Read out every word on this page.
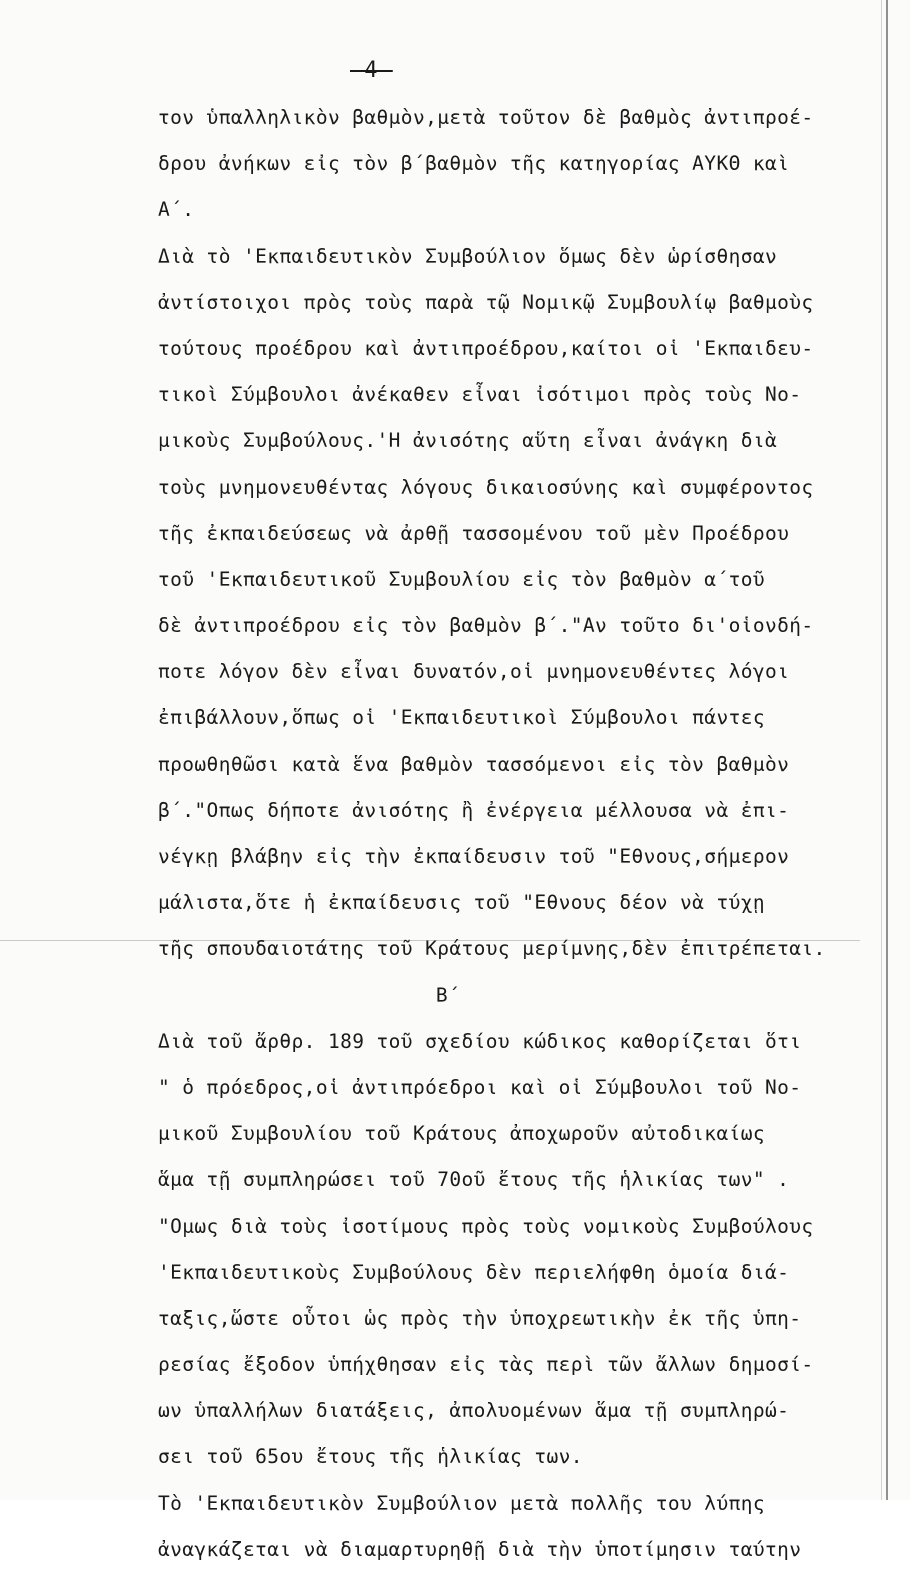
-4-
τον ὑπαλληλικὸν βαθμὸν,μετὰ τοῦτον δὲ βαθμὸς ἀντιπροέ-
δρου ἀνήκων εἰς τὸν β΄βαθμὸν τῆς κατηγορίας ΑΥΚΘ καὶ
Α΄.
Διὰ τὸ 'Εκπαιδευτικὸν Συμβούλιον ὅμως δὲν ὡρίσθησαν
ἀντίστοιχοι πρὸς τοὺς παρὰ τῷ Νομικῷ Συμβουλίῳ βαθμοὺς
τούτους προέδρου καὶ ἀντιπροέδρου,καίτοι οἱ 'Εκπαιδευ-
τικοὶ Σύμβουλοι ἀνέκαθεν εἶναι ἰσότιμοι πρὸς τοὺς Νο-
μικοὺς Συμβούλους.'Η ἀνισότης αὕτη εἶναι ἀνάγκη διὰ
τοὺς μνημονευθέντας λόγους δικαιοσύνης καὶ συμφέροντος
τῆς ἐκπαιδεύσεως νὰ ἀρθῇ τασσομένου τοῦ μὲν Προέδρου
τοῦ 'Εκπαιδευτικοῦ Συμβουλίου εἰς τὸν βαθμὸν α΄τοῦ
δὲ ἀντιπροέδρου εἰς τὸν βαθμὸν β΄."Αν τοῦτο δι'οἱονδή-
ποτε λόγον δὲν εἶναι δυνατόν,οἱ μνημονευθέντες λόγοι
ἐπιβάλλουν,ὅπως οἱ 'Εκπαιδευτικοὶ Σύμβουλοι πάντες
προωθηθῶσι κατὰ ἕνα βαθμὸν τασσόμενοι εἰς τὸν βαθμὸν
β΄."Οπως δήποτε ἀνισότης ἢ ἐνέργεια μέλλουσα νὰ ἐπι-
νέγκῃ βλάβην εἰς τὴν ἐκπαίδευσιν τοῦ "Εθνους,σήμερον
μάλιστα,ὅτε ἡ ἐκπαίδευσις τοῦ "Εθνους δέον νὰ τύχῃ
τῆς σπουδαιοτάτης τοῦ Κράτους μερίμνης,δὲν ἐπιτρέπεται.
Β΄
Διὰ τοῦ ἄρθρ. 189 τοῦ σχεδίου κώδικος καθορίζεται ὅτι
" ὁ πρόεδρος,οἱ ἀντιπρόεδροι καὶ οἱ Σύμβουλοι τοῦ Νο-
μικοῦ Συμβουλίου τοῦ Κράτους ἀποχωροῦν αὐτοδικαίως
ἅμα τῇ συμπληρώσει τοῦ 70οῦ ἔτους τῆς ἡλικίας των" .
"Ομως διὰ τοὺς ἰσοτίμους πρὸς τοὺς νομικοὺς Συμβούλους
'Εκπαιδευτικοὺς Συμβούλους δὲν περιελήφθη ὁμοία διά-
ταξις,ὥστε οὗτοι ὡς πρὸς τὴν ὑποχρεωτικὴν ἐκ τῆς ὑπη-
ρεσίας ἔξοδον ὑπήχθησαν εἰς τὰς περὶ τῶν ἄλλων δημοσί-
ων ὑπαλλήλων διατάξεις, ἀπολυομένων ἅμα τῇ συμπληρώ-
σει τοῦ 65ου ἔτους τῆς ἡλικίας των.
Τὸ 'Εκπαιδευτικὸν Συμβούλιον μετὰ πολλῆς του λύπης
ἀναγκάζεται νὰ διαμαρτυρηθῇ διὰ τὴν ὑποτίμησιν ταύτην
